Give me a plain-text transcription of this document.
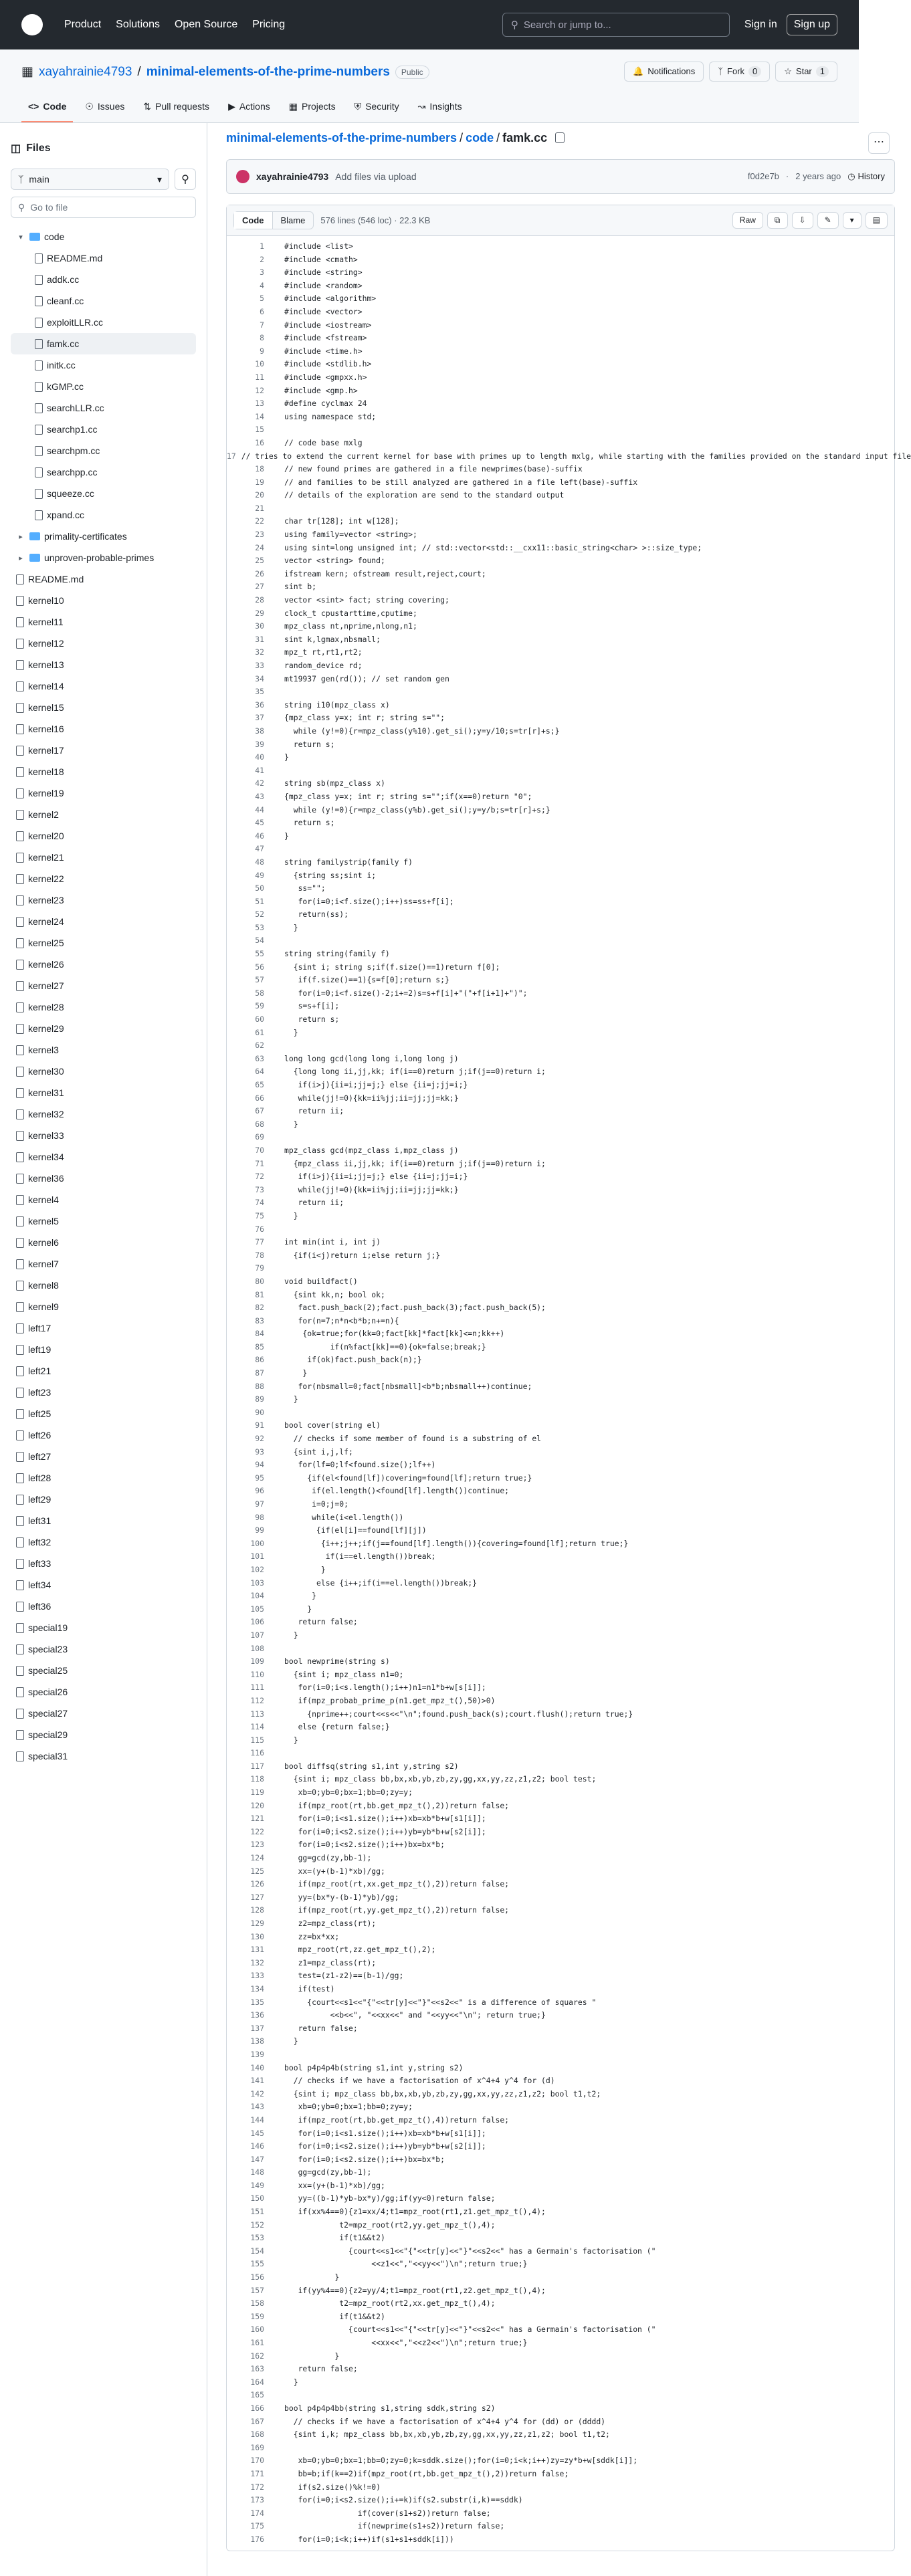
Product Solutions Open Source Pricing	⚲ Search or jump to...	Sign in	Sign up
▦ xayahrainie4793 / minimal-elements-of-the-prime-numbers	Public	🔔 Notifications	ᛉ Fork 0	☆ Star 1
<> Code ☉ Issues ⇅ Pull requests ▶ Actions ▦ Projects ⛨ Security ↝ Insights
◫ Files
ᛉ main	▾ ⚲
⚲ Go to file
▾	code
README.md
addk.cc
cleanf.cc
exploitLLR.cc
famk.cc
initk.cc
kGMP.cc
searchLLR.cc
searchp1.cc
searchpm.cc
searchpp.cc
squeeze.cc
xpand.cc
▸	primality-certificates
▸	unproven-probable-primes
README.md
kernel10
kernel11
kernel12
kernel13
kernel14
kernel15
kernel16
kernel17
kernel18
kernel19
kernel2
kernel20
kernel21
kernel22
kernel23
kernel24
kernel25
kernel26
kernel27
kernel28
kernel29
kernel3
kernel30
kernel31
kernel32
kernel33
kernel34
kernel36
kernel4
kernel5
kernel6
kernel7
kernel8
kernel9
left17
left19
left21
left23
left25
left26
left27
left28
left29
left31
left32
left33
left34
left36
special19
special23
special25
special26
special27
special29
special31
minimal-elements-of-the-prime-numbers / code / famk.cc	⋯
xayahrainie4793 Add files via upload	f0d2e7b · 2 years ago ◷ History
Code	Blame	576 lines (546 loc) · 22.3 KB	Raw	⧉	⇩	✎	▾	▤
1	#include <list>
2	#include <cmath>
3	#include <string>
4	#include <random>
5	#include <algorithm>
6	#include <vector>
7	#include <iostream>
8	#include <fstream>
9	#include <time.h>
10	#include <stdlib.h>
11	#include <gmpxx.h>
12	#include <gmp.h>
13	#define cyclmax 24
14	using namespace std;
15
16	// code base mxlg
17 // tries to extend the current kernel for base with primes up to length mxlg, while starting with the families provided on the standard input file
18	// new found primes are gathered in a file newprimes(base)-suffix
19	// and families to be still analyzed are gathered in a file left(base)-suffix
20	// details of the exploration are send to the standard output
21
22	char tr[128]; int w[128];
23	using family=vector <string>;
24	using sint=long unsigned int; // std::vector<std::__cxx11::basic_string<char> >::size_type;
25	vector <string> found;
26	ifstream kern; ofstream result,reject,court;
27	sint b;
28	vector <sint> fact; string covering;
29	clock_t cpustarttime,cputime;
30	mpz_class nt,nprime,nlong,n1;
31	sint k,lgmax,nbsmall;
32	mpz_t rt,rt1,rt2;
33	random_device rd;
34	mt19937 gen(rd()); // set random gen
35
36	string i10(mpz_class x)
37	{mpz_class y=x; int r; string s="";
38	while (y!=0){r=mpz_class(y%10).get_si();y=y/10;s=tr[r]+s;}
39	return s;
40	}
41
42	string sb(mpz_class x)
43	{mpz_class y=x; int r; string s="";if(x==0)return "0";
44	while (y!=0){r=mpz_class(y%b).get_si();y=y/b;s=tr[r]+s;}
45	return s;
46	}
47
48	string familystrip(family f)
49	{string ss;sint i;
50	ss="";
51	for(i=0;i<f.size();i++)ss=ss+f[i];
52	return(ss);
53	}
54
55	string string(family f)
56	{sint i; string s;if(f.size()==1)return f[0];
57	if(f.size()==1){s=f[0];return s;}
58	for(i=0;i<f.size()-2;i+=2)s=s+f[i]+"("+f[i+1]+")";
59	s=s+f[i];
60	return s;
61	}
62
63	long long gcd(long long i,long long j)
64	{long long ii,jj,kk; if(i==0)return j;if(j==0)return i;
65	if(i>j){ii=i;jj=j;} else {ii=j;jj=i;}
66	while(jj!=0){kk=ii%jj;ii=jj;jj=kk;}
67	return ii;
68	}
69
70	mpz_class gcd(mpz_class i,mpz_class j)
71	{mpz_class ii,jj,kk; if(i==0)return j;if(j==0)return i;
72	if(i>j){ii=i;jj=j;} else {ii=j;jj=i;}
73	while(jj!=0){kk=ii%jj;ii=jj;jj=kk;}
74	return ii;
75	}
76
77	int min(int i, int j)
78	{if(i<j)return i;else return j;}
79
80	void buildfact()
81	{sint kk,n; bool ok;
82	fact.push_back(2);fact.push_back(3);fact.push_back(5);
83	for(n=7;n*n<b*b;n+=n){
84	{ok=true;for(kk=0;fact[kk]*fact[kk]<=n;kk++)
85	if(n%fact[kk]==0){ok=false;break;}
86	if(ok)fact.push_back(n);}
87	}
88	for(nbsmall=0;fact[nbsmall]<b*b;nbsmall++)continue;
89	}
90
91	bool cover(string el)
92	// checks if some member of found is a substring of el
93	{sint i,j,lf;
94	for(lf=0;lf<found.size();lf++)
95	{if(el<found[lf])covering=found[lf];return true;}
96	if(el.length()<found[lf].length())continue;
97	i=0;j=0;
98	while(i<el.length())
99	{if(el[i]==found[lf][j])
100	{i++;j++;if(j==found[lf].length()){covering=found[lf];return true;}
101	if(i==el.length())break;
102	}
103	else {i++;if(i==el.length())break;}
104	}
105	}
106	return false;
107	}
108
109	bool newprime(string s)
110	{sint i; mpz_class n1=0;
111	for(i=0;i<s.length();i++)n1=n1*b+w[s[i]];
112	if(mpz_probab_prime_p(n1.get_mpz_t(),50)>0)
113	{nprime++;court<<s<<"\n";found.push_back(s);court.flush();return true;}
114	else {return false;}
115	}
116
117	bool diffsq(string s1,int y,string s2)
118	{sint i; mpz_class bb,bx,xb,yb,zb,zy,gg,xx,yy,zz,z1,z2; bool test;
119	xb=0;yb=0;bx=1;bb=0;zy=y;
120	if(mpz_root(rt,bb.get_mpz_t(),2))return false;
121	for(i=0;i<s1.size();i++)xb=xb*b+w[s1[i]];
122	for(i=0;i<s2.size();i++)yb=yb*b+w[s2[i]];
123	for(i=0;i<s2.size();i++)bx=bx*b;
124	gg=gcd(zy,bb-1);
125	xx=(y+(b-1)*xb)/gg;
126	if(mpz_root(rt,xx.get_mpz_t(),2))return false;
127	yy=(bx*y-(b-1)*yb)/gg;
128	if(mpz_root(rt,yy.get_mpz_t(),2))return false;
129	z2=mpz_class(rt);
130	zz=bx*xx;
131	mpz_root(rt,zz.get_mpz_t(),2);
132	z1=mpz_class(rt);
133	test=(z1-z2)==(b-1)/gg;
134	if(test)
135	{court<<s1<<"{"<<tr[y]<<"}"<<s2<<" is a difference of squares "
136	<<b<<", "<<xx<<" and "<<yy<<"\n"; return true;}
137	return false;
138	}
139
140	bool p4p4p4b(string s1,int y,string s2)
141	// checks if we have a factorisation of x^4+4 y^4 for (d)
142	{sint i; mpz_class bb,bx,xb,yb,zb,zy,gg,xx,yy,zz,z1,z2; bool t1,t2;
143	xb=0;yb=0;bx=1;bb=0;zy=y;
144	if(mpz_root(rt,bb.get_mpz_t(),4))return false;
145	for(i=0;i<s1.size();i++)xb=xb*b+w[s1[i]];
146	for(i=0;i<s2.size();i++)yb=yb*b+w[s2[i]];
147	for(i=0;i<s2.size();i++)bx=bx*b;
148	gg=gcd(zy,bb-1);
149	xx=(y+(b-1)*xb)/gg;
150	yy=((b-1)*yb-bx*y)/gg;if(yy<0)return false;
151	if(xx%4==0){z1=xx/4;t1=mpz_root(rt1,z1.get_mpz_t(),4);
152	t2=mpz_root(rt2,yy.get_mpz_t(),4);
153	if(t1&&t2)
154	{court<<s1<<"{"<<tr[y]<<"}"<<s2<<" has a Germain's factorisation ("
155	<<z1<<","<<yy<<")\n";return true;}
156	}
157	if(yy%4==0){z2=yy/4;t1=mpz_root(rt1,z2.get_mpz_t(),4);
158	t2=mpz_root(rt2,xx.get_mpz_t(),4);
159	if(t1&&t2)
160	{court<<s1<<"{"<<tr[y]<<"}"<<s2<<" has a Germain's factorisation ("
161	<<xx<<","<<z2<<")\n";return true;}
162	}
163	return false;
164	}
165
166	bool p4p4p4bb(string s1,string sddk,string s2)
167	// checks if we have a factorisation of x^4+4 y^4 for (dd) or (dddd)
168	{sint i,k; mpz_class bb,bx,xb,yb,zb,zy,gg,xx,yy,zz,z1,z2; bool t1,t2;
169
170	xb=0;yb=0;bx=1;bb=0;zy=0;k=sddk.size();for(i=0;i<k;i++)zy=zy*b+w[sddk[i]];
171	bb=b;if(k==2)if(mpz_root(rt,bb.get_mpz_t(),2))return false;
172	if(s2.size()%k!=0)
173	for(i=0;i<s2.size();i+=k)if(s2.substr(i,k)==sddk)
174	if(cover(s1+s2))return false;
175	if(newprime(s1+s2))return false;
176	for(i=0;i<k;i++)if(s1+s1+sddk[i]))
